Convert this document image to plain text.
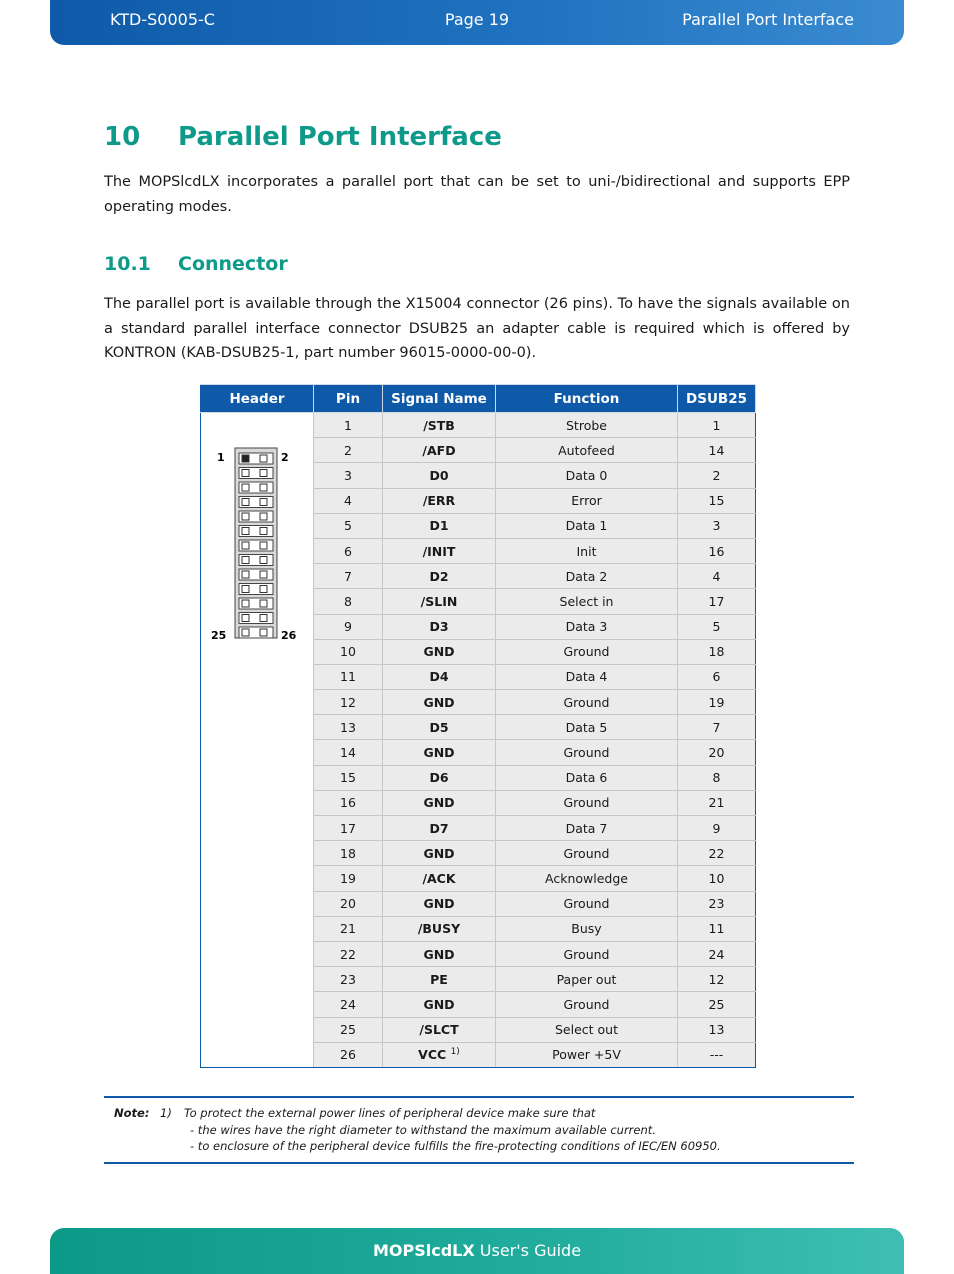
KTD-S0005-C	Page 19	Parallel Port Interface
10 Parallel Port Interface

The MOPSlcdLX incorporates a parallel port that can be set to uni-/bidirectional and supports EPP operating modes.

10.1 Connector

The parallel port is available through the X15004 connector (26 pins). To have the signals available on a standard parallel interface connector DSUB25 an adapter cable is required which is offered by KONTRON (KAB-DSUB25-1, part number 96015-0000-00-0).

Header	Pin	Signal Name	Function	DSUB25

1 2
25 26	1	/STB	Strobe	1
	2	/AFD	Autofeed	14
	3	D0	Data 0	2
	4	/ERR	Error	15
	5	D1	Data 1	3
	6	/INIT	Init	16
	7	D2	Data 2	4
	8	/SLIN	Select in	17
	9	D3	Data 3	5
	10	GND	Ground	18
	11	D4	Data 4	6
	12	GND	Ground	19
	13	D5	Data 5	7
	14	GND	Ground	20
	15	D6	Data 6	8
	16	GND	Ground	21
	17	D7	Data 7	9
	18	GND	Ground	22
	19	/ACK	Acknowledge	10
	20	GND	Ground	23
	21	/BUSY	Busy	11
	22	GND	Ground	24
	23	PE	Paper out	12
	24	GND	Ground	25
	25	/SLCT	Select out	13
	26	VCC $^{1)}$	Power +5V	---
Note: 1) To protect the external power lines of peripheral device make sure that
- the wires have the right diameter to withstand the maximum available current.
- to enclosure of the peripheral device fulfills the fire-protecting conditions of IEC/EN 60950.
MOPSlcdLX User's Guide
